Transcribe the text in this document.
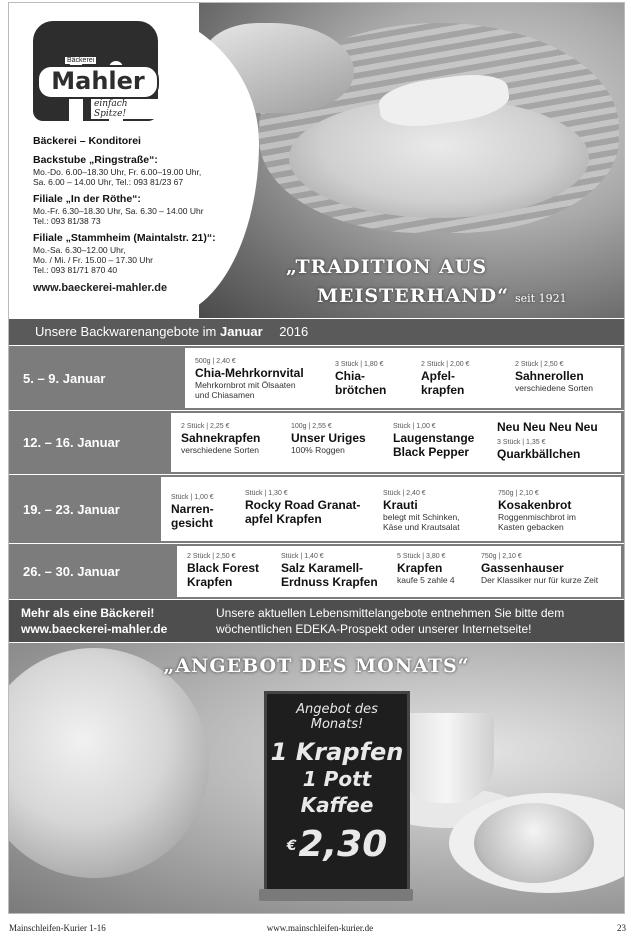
Bäckerei
Mahler
einfach Spitze!
Bäckerei – Konditorei
Backstube „Ringstraße“:
Mo.-Do. 6.00–18.30 Uhr, Fr. 6.00–19.00 Uhr,
Sa. 6.00 – 14.00 Uhr, Tel.: 093 81/23 67
Filiale „In der Röthe“:
Mo.-Fr. 6.30–18.30 Uhr, Sa. 6.30 – 14.00 Uhr
Tel.: 093 81/38 73
Filiale „Stammheim (Maintalstr. 21)“:
Mo.-Sa. 6.30–12.00 Uhr,
Mo. / Mi. / Fr. 15.00 – 17.30 Uhr
Tel.: 093 81/71 870 40
www.baeckerei-mahler.de
„TRADITION AUS
MEISTERHAND“ seit 1921
Unsere Backwarenangebote im Januar 2016
5. – 9. Januar
500g | 2,40 €
Chia-Mehrkornvital
Mehrkornbrot mit Ölsaaten
und Chiasamen
3 Stück | 1,80 €
Chia-
brötchen
2 Stück | 2,00 €
Apfel-
krapfen
2 Stück | 2,50 €
Sahnerollen
verschiedene Sorten
12. – 16. Januar
2 Stück | 2,25 €
Sahnekrapfen
verschiedene Sorten
100g | 2,55 €
Unser Uriges
100% Roggen
Stück | 1,00 €
Laugenstange
Black Pepper
Neu Neu Neu Neu
3 Stück | 1,35 €
Quarkbällchen
19. – 23. Januar
Stück | 1,00 €
Narren-
gesicht
Stück | 1,30 €
Rocky Road Granat-
apfel Krapfen
Stück | 2,40 €
Krauti
belegt mit Schinken,
Käse und Krautsalat
750g | 2,10 €
Kosakenbrot
Roggenmischbrot im
Kasten gebacken
26. – 30. Januar
2 Stück | 2,50 €
Black Forest
Krapfen
Stück | 1,40 €
Salz Karamell-
Erdnuss Krapfen
5 Stück | 3,80 €
Krapfen
kaufe 5 zahle 4
750g | 2,10 €
Gassenhauser
Der Klassiker nur für kurze Zeit
Mehr als eine Bäckerei!
www.baeckerei-mahler.de
Unsere aktuellen Lebensmittelangebote entnehmen Sie bitte dem
wöchentlichen EDEKA-Prospekt oder unserer Internetseite!
„ANGEBOT DES MONATS“
Angebot des
Monats!
1 Krapfen
1 Pott Kaffee
€2,30
Mainschleifen-Kurier 1-16	www.mainschleifen-kurier.de	23
